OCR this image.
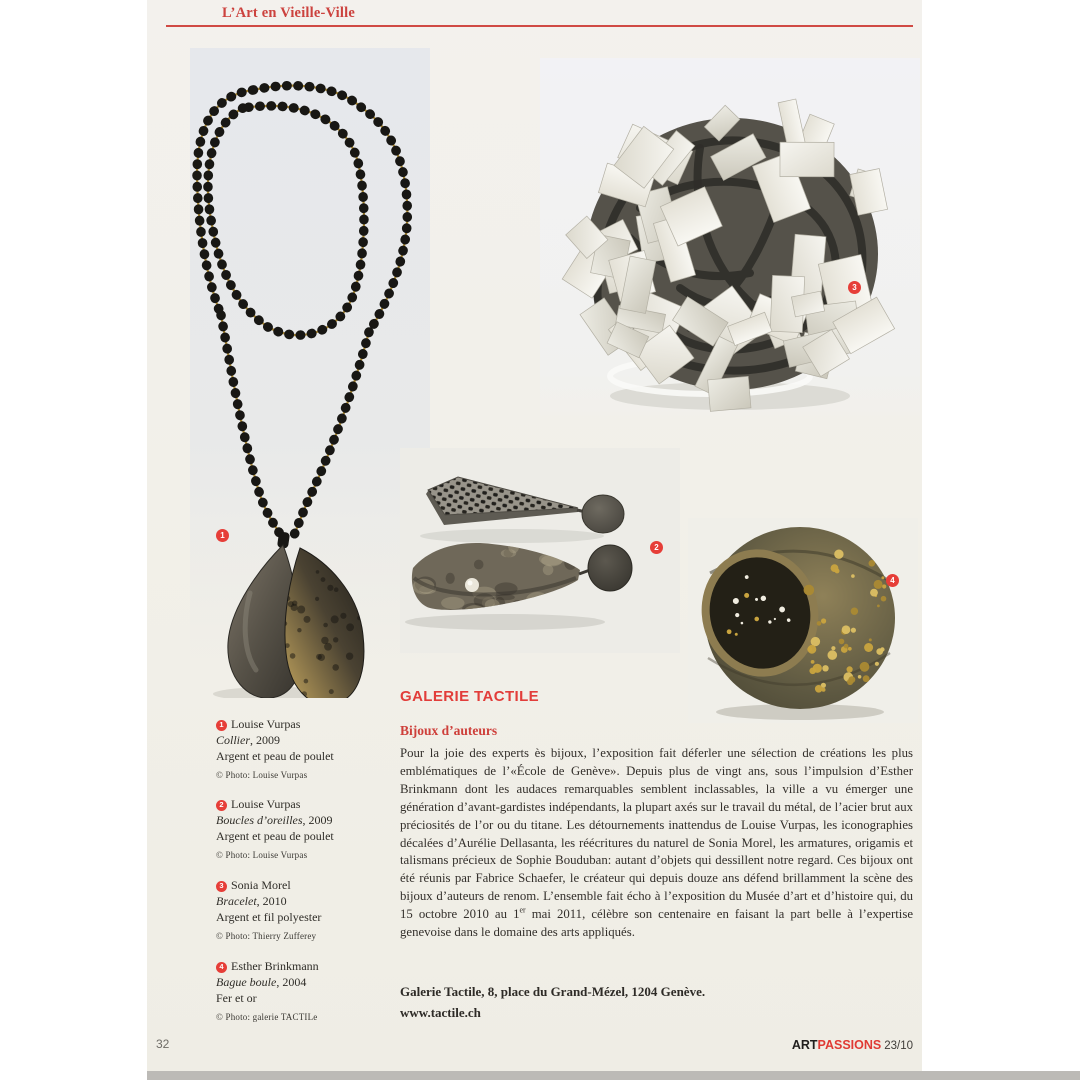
L’Art en Vieille-Ville
1
2
3
4
1 Louise Vurpas
Collier, 2009
Argent et peau de poulet
© Photo: Louise Vurpas
2 Louise Vurpas
Boucles d’oreilles, 2009
Argent et peau de poulet
© Photo: Louise Vurpas
3 Sonia Morel
Bracelet, 2010
Argent et fil polyester
© Photo: Thierry Zufferey
4 Esther Brinkmann
Bague boule, 2004
Fer et or
© Photo: galerie TACTILe
GALERIE TACTILE
Bijoux d’auteurs
Pour la joie des experts ès bijoux, l’exposition fait déferler une sélection de créations les plus emblématiques de l’«École de Genève». Depuis plus de vingt ans, sous l’impulsion d’Esther Brinkmann dont les audaces remarquables semblent inclassables, la ville a vu émerger une génération d’avant-gardistes indépendants, la plupart axés sur le travail du métal, de l’acier brut aux préciosités de l’or ou du titane. Les détournements inattendus de Louise Vurpas, les iconographies décalées d’Aurélie Dellasanta, les réécritures du naturel de Sonia Morel, les armatures, origamis et talismans précieux de Sophie Bouduban: autant d’objets qui dessillent notre regard. Ces bijoux ont été réunis par Fabrice Schaefer, le créateur qui depuis douze ans défend brillamment la scène des bijoux d’auteurs de renom. L’ensemble fait écho à l’exposition du Musée d’art et d’histoire qui, du 15 octobre 2010 au 1er mai 2011, célèbre son centenaire en faisant la part belle à l’expertise genevoise dans le domaine des arts appliqués.
Galerie Tactile, 8, place du Grand-Mézel, 1204 Genève.
www.tactile.ch
32	ARTPASSIONS 23/10
